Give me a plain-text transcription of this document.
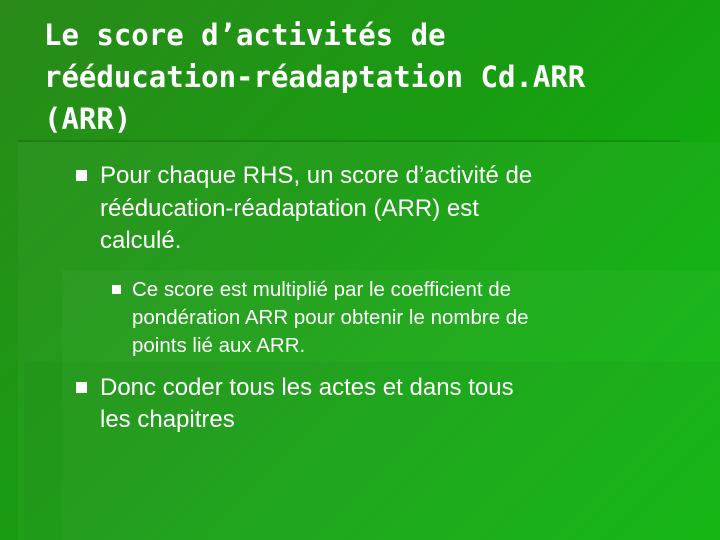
Le score d’activités de
rééducation-réadaptation Cd.ARR
(ARR)
Pour chaque RHS, un score d’activité de
rééducation-réadaptation (ARR) est
calculé.
Ce score est multiplié par le coefficient de
pondération ARR pour obtenir le nombre de
points lié aux ARR.
Donc coder tous les actes et dans tous
les chapitres
